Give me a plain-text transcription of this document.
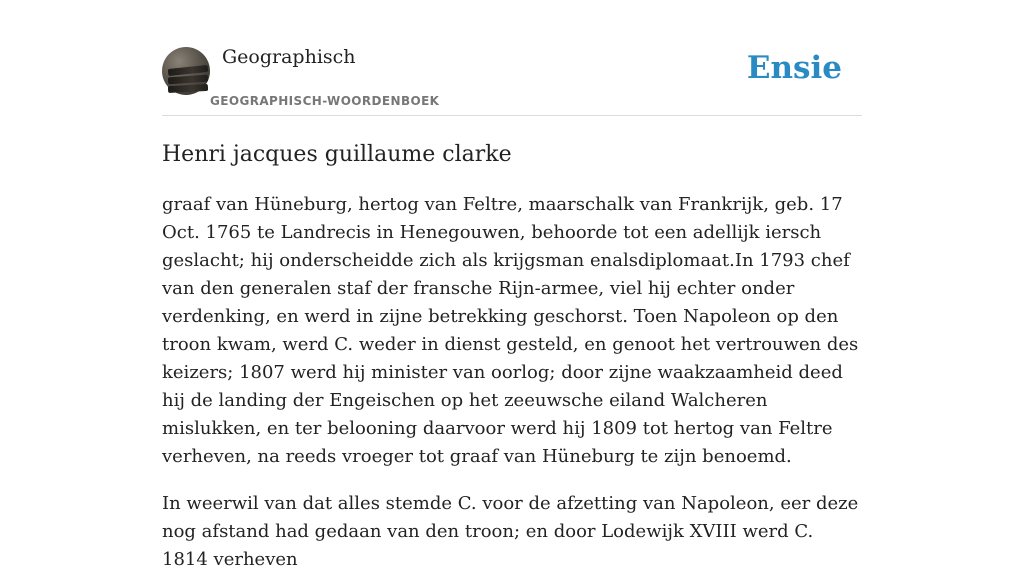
Geographisch
GEOGRAPHISCH-WOORDENBOEK
Ensie
Henri jacques guillaume clarke

graaf van Hüneburg, hertog van Feltre, maarschalk van Frankrijk, geb. 17 Oct. 1765 te Landrecis in Henegouwen, behoorde tot een adellijk iersch geslacht; hij onderscheidde zich als krijgsman enalsdiplomaat.In 1793 chef van den generalen staf der fransche Rijn-armee, viel hij echter onder verdenking, en werd in zijne betrekking geschorst. Toen Napoleon op den troon kwam, werd C. weder in dienst gesteld, en genoot het vertrouwen des keizers; 1807 werd hij minister van oorlog; door zijne waakzaamheid deed hij de landing der Engeischen op het zeeuwsche eiland Walcheren mislukken, en ter belooning daarvoor werd hij 1809 tot hertog van Feltre verheven, na reeds vroeger tot graaf van Hüneburg te zijn benoemd.

In weerwil van dat alles stemde C. voor de afzetting van Napoleon, eer deze nog afstand had gedaan van den troon; en door Lodewijk XVIII werd C. 1814 verheven
